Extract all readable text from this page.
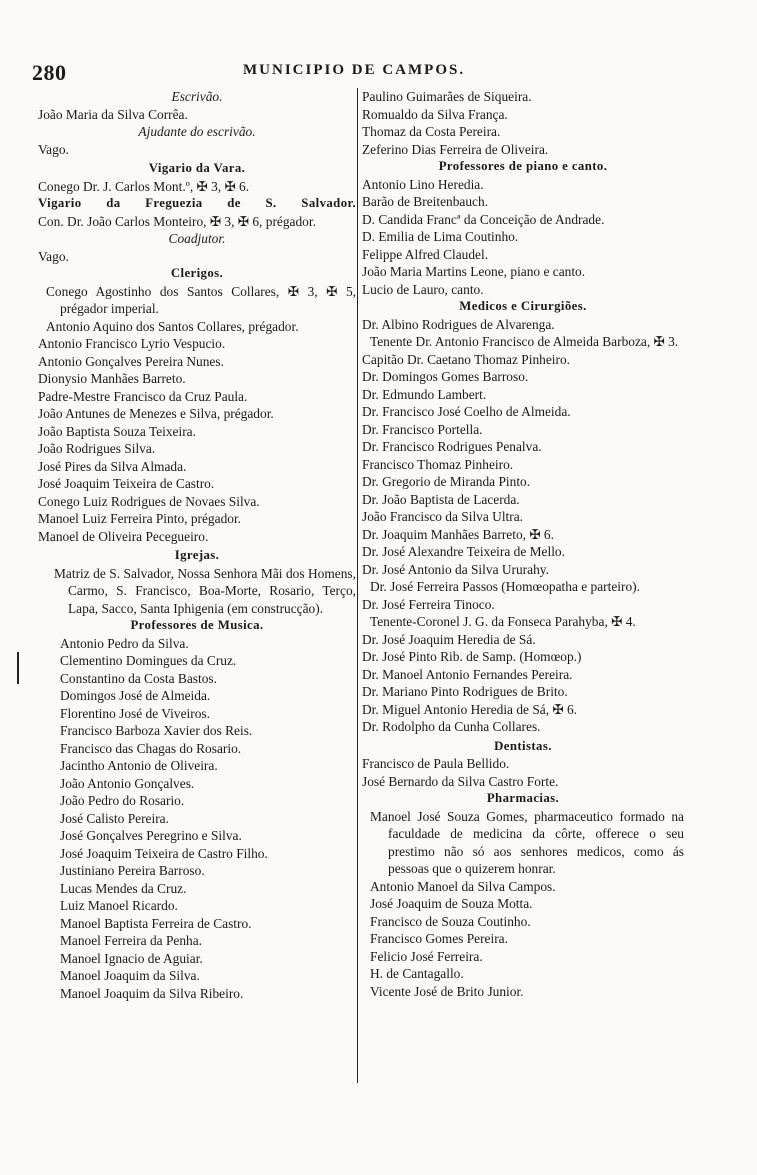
280	MUNICIPIO DE CAMPOS.
Escrivão.
João Maria da Silva Corrêa.
Ajudante do escrivão.
Vago.
Vigario da Vara.
Conego Dr. J. Carlos Mont.º, ✠ 3, ✠ 6.
Vigario da Freguezia de S. Salvador.
Con. Dr. João Carlos Monteiro, ✠ 3, ✠ 6, prégador.
Coadjutor.
Vago.
Clerigos.
Conego Agostinho dos Santos Collares, ✠ 3, ✠ 5, prégador imperial.
Antonio Aquino dos Santos Collares, prégador.
Antonio Francisco Lyrio Vespucio.
Antonio Gonçalves Pereira Nunes.
Dionysio Manhães Barreto.
Padre-Mestre Francisco da Cruz Paula.
João Antunes de Menezes e Silva, prégador.
João Baptista Souza Teixeira.
João Rodrigues Silva.
José Pires da Silva Almada.
José Joaquim Teixeira de Castro.
Conego Luiz Rodrigues de Novaes Silva.
Manoel Luiz Ferreira Pinto, prégador.
Manoel de Oliveira Pecegueiro.
Igrejas.
Matriz de S. Salvador, Nossa Senhora Mãi dos Homens, Carmo, S. Francisco, Boa-Morte, Rosario, Terço, Lapa, Sacco, Santa Iphigenia (em construcção).
Professores de Musica.
Antonio Pedro da Silva.
Clementino Domingues da Cruz.
Constantino da Costa Bastos.
Domingos José de Almeida.
Florentino José de Viveiros.
Francisco Barboza Xavier dos Reis.
Francisco das Chagas do Rosario.
Jacintho Antonio de Oliveira.
João Antonio Gonçalves.
João Pedro do Rosario.
José Calisto Pereira.
José Gonçalves Peregrino e Silva.
José Joaquim Teixeira de Castro Filho.
Justiniano Pereira Barroso.
Lucas Mendes da Cruz.
Luiz Manoel Ricardo.
Manoel Baptista Ferreira de Castro.
Manoel Ferreira da Penha.
Manoel Ignacio de Aguiar.
Manoel Joaquim da Silva.
Manoel Joaquim da Silva Ribeiro.
Paulino Guimarães de Siqueira.
Romualdo da Silva França.
Thomaz da Costa Pereira.
Zeferino Dias Ferreira de Oliveira.
Professores de piano e canto.
Antonio Lino Heredia.
Barão de Breitenbauch.
D. Candida Francª da Conceição de Andrade.
D. Emilia de Lima Coutinho.
Felippe Alfred Claudel.
João Maria Martins Leone, piano e canto.
Lucio de Lauro, canto.
Medicos e Cirurgiões.
Dr. Albino Rodrigues de Alvarenga.
Tenente Dr. Antonio Francisco de Almeida Barboza, ✠ 3.
Capitão Dr. Caetano Thomaz Pinheiro.
Dr. Domingos Gomes Barroso.
Dr. Edmundo Lambert.
Dr. Francisco José Coelho de Almeida.
Dr. Francisco Portella.
Dr. Francisco Rodrigues Penalva.
Francisco Thomaz Pinheiro.
Dr. Gregorio de Miranda Pinto.
Dr. João Baptista de Lacerda.
João Francisco da Silva Ultra.
Dr. Joaquim Manhães Barreto, ✠ 6.
Dr. José Alexandre Teixeira de Mello.
Dr. José Antonio da Silva Ururahy.
Dr. José Ferreira Passos (Homœopatha e parteiro).
Dr. José Ferreira Tinoco.
Tenente-Coronel J. G. da Fonseca Parahyba, ✠ 4.
Dr. José Joaquim Heredia de Sá.
Dr. José Pinto Rib. de Samp. (Homœop.)
Dr. Manoel Antonio Fernandes Pereira.
Dr. Mariano Pinto Rodrigues de Brito.
Dr. Miguel Antonio Heredia de Sá, ✠ 6.
Dr. Rodolpho da Cunha Collares.
Dentistas.
Francisco de Paula Bellido.
José Bernardo da Silva Castro Forte.
Pharmacias.
Manoel José Souza Gomes, pharmaceutico formado na faculdade de medicina da côrte, offerece o seu prestimo não só aos senhores medicos, como ás pessoas que o quizerem honrar.
Antonio Manoel da Silva Campos.
José Joaquim de Souza Motta.
Francisco de Souza Coutinho.
Francisco Gomes Pereira.
Felicio José Ferreira.
H. de Cantagallo.
Vicente José de Brito Junior.
